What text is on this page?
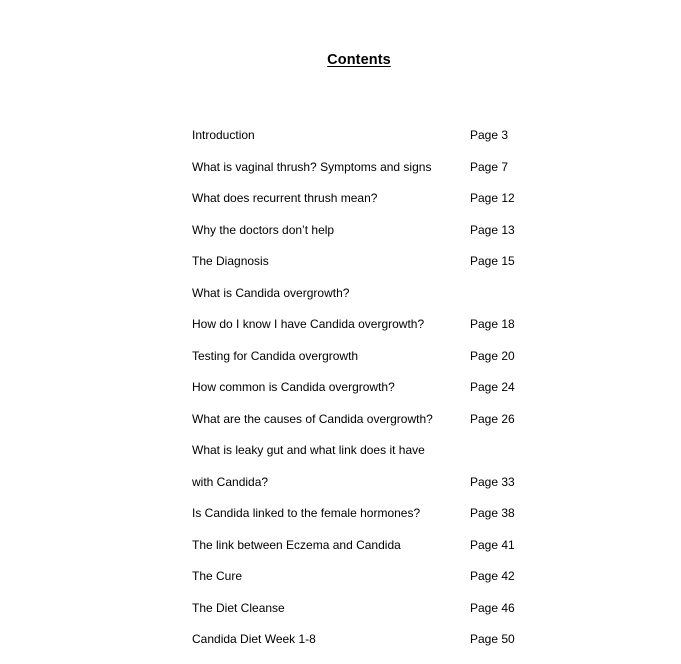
Contents
Introduction	Page 3
What is vaginal thrush? Symptoms and signs	Page 7
What does recurrent thrush mean?	Page 12
Why the doctors don’t help	Page 13
The Diagnosis	Page 15
What is Candida overgrowth?
How do I know I have Candida overgrowth?	Page 18
Testing for Candida overgrowth	Page 20
How common is Candida overgrowth?	Page 24
What are the causes of Candida overgrowth?	Page 26
What is leaky gut and what link does it have
with Candida?	Page 33
Is Candida linked to the female hormones?	Page 38
The link between Eczema and Candida	Page 41
The Cure	Page 42
The Diet Cleanse	Page 46
Candida Diet Week 1-8	Page 50
